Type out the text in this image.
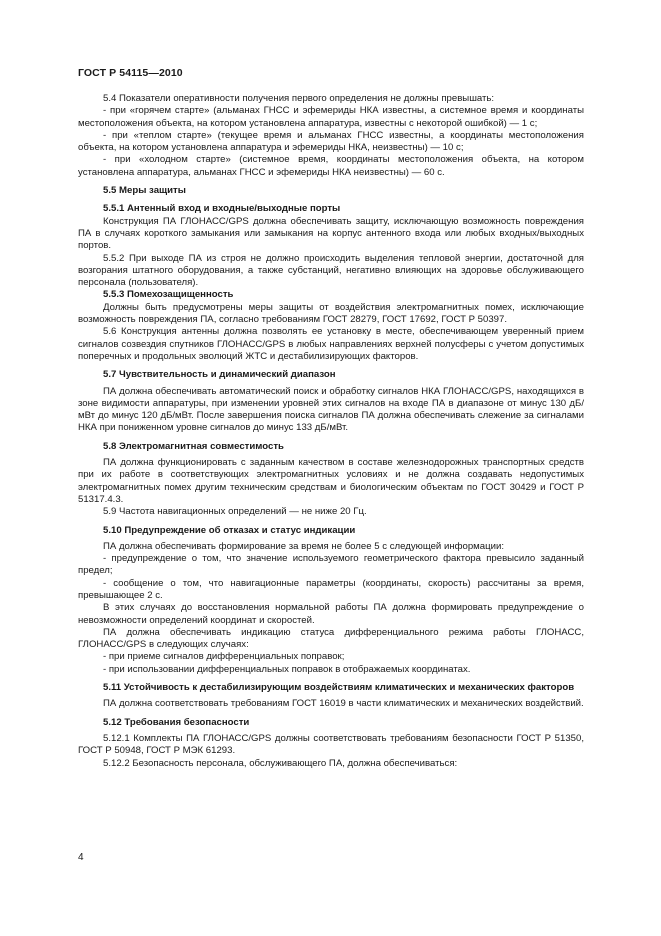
ГОСТ Р 54115—2010

5.4 Показатели оперативности получения первого определения не должны превышать:

- при «горячем старте» (альманах ГНСС и эфемериды НКА известны, а системное время и координаты местоположения объекта, на котором установлена аппаратура, известны с некоторой ошибкой) — 1 с;

- при «теплом старте» (текущее время и альманах ГНСС известны, а координаты местоположения объекта, на котором установлена аппаратура и эфемериды НКА, неизвестны) — 10 с;

- при «холодном старте» (системное время, координаты местоположения объекта, на котором установлена аппаратура, альманах ГНСС и эфемериды НКА неизвестны) — 60 с.

5.5 Меры защиты

5.5.1 Антенный вход и входные/выходные порты

Конструкция ПА ГЛОНАСС/GPS должна обеспечивать защиту, исключающую возможность повреждения ПА в случаях короткого замыкания или замыкания на корпус антенного входа или любых входных/выходных портов.

5.5.2 При выходе ПА из строя не должно происходить выделения тепловой энергии, достаточной для возгорания штатного оборудования, а также субстанций, негативно влияющих на здоровье обслуживающего персонала (пользователя).

5.5.3 Помехозащищенность

Должны быть предусмотрены меры защиты от воздействия электромагнитных помех, исключающие возможность повреждения ПА, согласно требованиям ГОСТ 28279, ГОСТ 17692, ГОСТ Р 50397.

5.6 Конструкция антенны должна позволять ее установку в месте, обеспечивающем уверенный прием сигналов созвездия спутников ГЛОНАСС/GPS в любых направлениях верхней полусферы с учетом допустимых поперечных и продольных эволюций ЖТС и дестабилизирующих факторов.

5.7 Чувствительность и динамический диапазон

ПА должна обеспечивать автоматический поиск и обработку сигналов НКА ГЛОНАСС/GPS, находящихся в зоне видимости аппаратуры, при изменении уровней этих сигналов на входе ПА в диапазоне от минус 130 дБ/мВт до минус 120 дБ/мВт. После завершения поиска сигналов ПА должна обеспечивать слежение за сигналами НКА при пониженном уровне сигналов до минус 133 дБ/мВт.

5.8 Электромагнитная совместимость

ПА должна функционировать с заданным качеством в составе железнодорожных транспортных средств при их работе в соответствующих электромагнитных условиях и не должна создавать недопустимых электромагнитных помех другим техническим средствам и биологическим объектам по ГОСТ 30429 и ГОСТ Р 51317.4.3.

5.9 Частота навигационных определений — не ниже 20 Гц.

5.10 Предупреждение об отказах и статус индикации

ПА должна обеспечивать формирование за время не более 5 с следующей информации:

- предупреждение о том, что значение используемого геометрического фактора превысило заданный предел;

- сообщение о том, что навигационные параметры (координаты, скорость) рассчитаны за время, превышающее 2 с.

В этих случаях до восстановления нормальной работы ПА должна формировать предупреждение о невозможности определений координат и скоростей.

ПА должна обеспечивать индикацию статуса дифференциального режима работы ГЛОНАСС, ГЛОНАСС/GPS в следующих случаях:

- при приеме сигналов дифференциальных поправок;

- при использовании дифференциальных поправок в отображаемых координатах.

5.11 Устойчивость к дестабилизирующим воздействиям климатических и механических факторов

ПА должна соответствовать требованиям ГОСТ 16019 в части климатических и механических воздействий.

5.12 Требования безопасности

5.12.1 Комплекты ПА ГЛОНАСС/GPS должны соответствовать требованиям безопасности ГОСТ Р 51350, ГОСТ Р 50948, ГОСТ Р МЭК 61293.

5.12.2 Безопасность персонала, обслуживающего ПА, должна обеспечиваться:

4
